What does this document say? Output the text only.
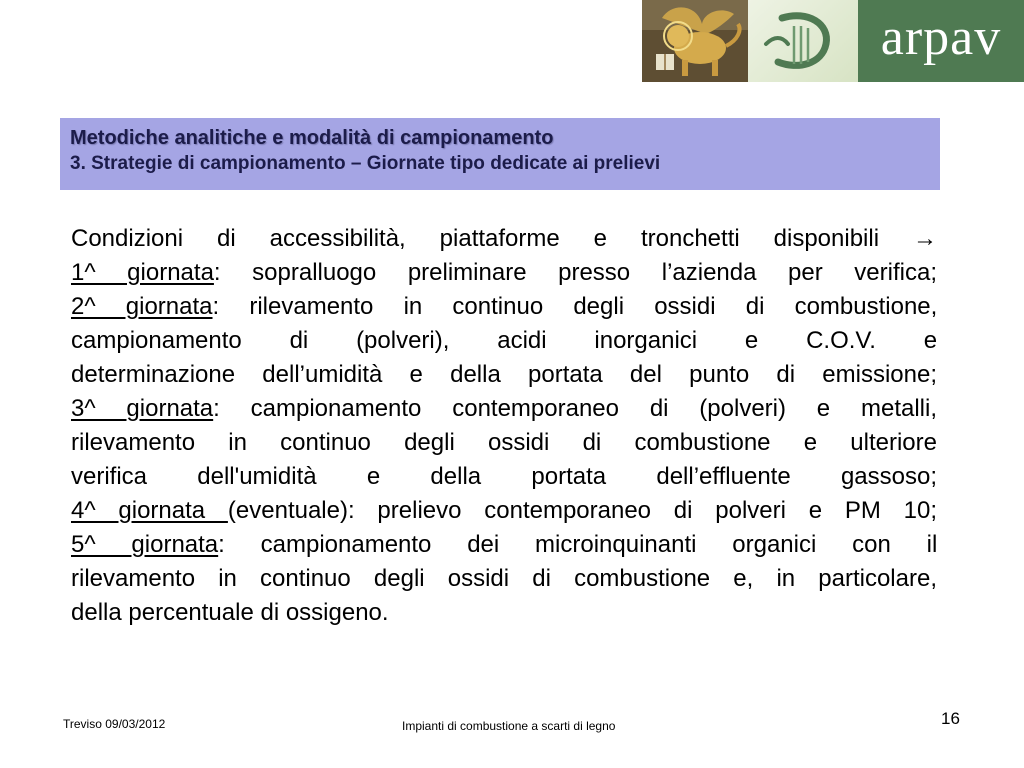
arpav
Metodiche analitiche e modalità di campionamento
3. Strategie di campionamento – Giornate tipo dedicate ai prelievi
Condizioni di accessibilità, piattaforme e tronchetti disponibili →
1^ giornata: sopralluogo preliminare presso l’azienda per verifica;
2^ giornata: rilevamento in continuo degli ossidi di combustione,
campionamento di (polveri), acidi inorganici e C.O.V. e
determinazione dell’umidità e della portata del punto di emissione;
3^ giornata: campionamento contemporaneo di (polveri) e metalli,
rilevamento in continuo degli ossidi di combustione e ulteriore
verifica dell'umidità e della portata dell’effluente gassoso;
4^ giornata (eventuale): prelievo contemporaneo di polveri e PM 10;
5^ giornata: campionamento dei microinquinanti organici con il
rilevamento in continuo degli ossidi di combustione e, in particolare,
della percentuale di ossigeno.
Treviso 09/03/2012	Impianti di combustione a scarti di legno	16
